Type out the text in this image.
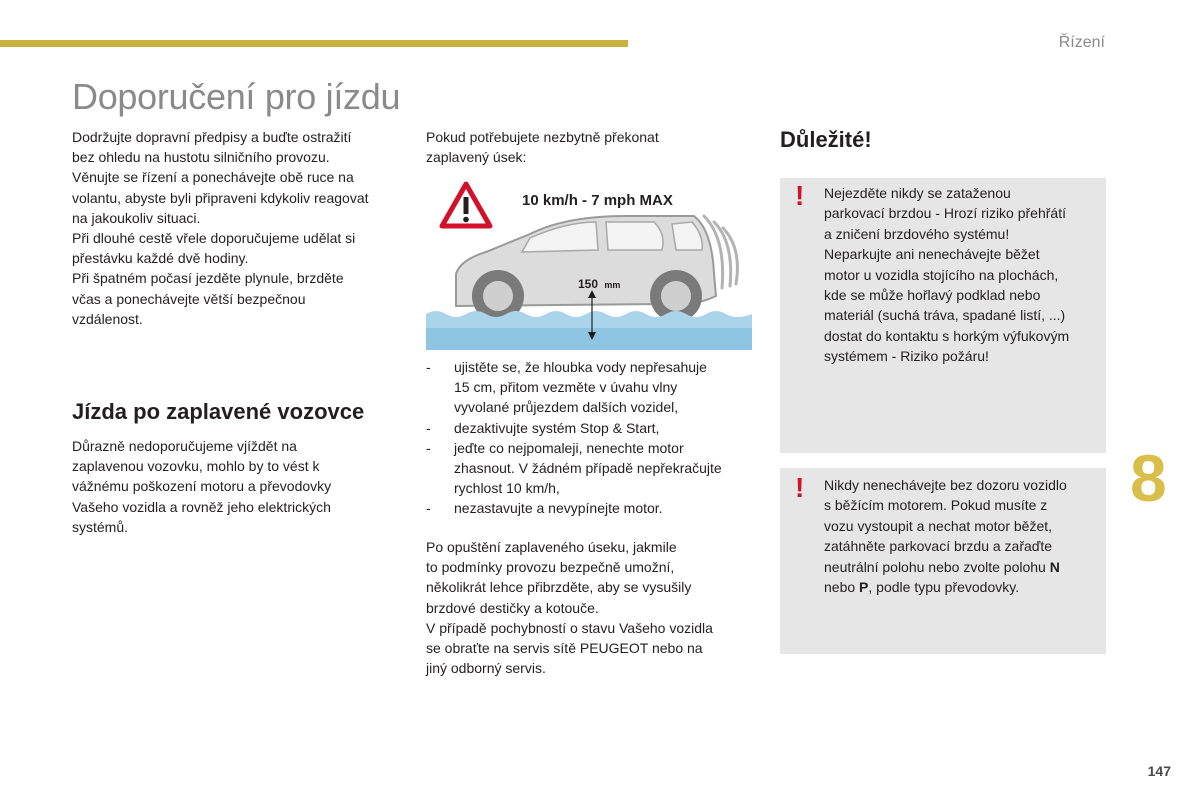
Řízení
Doporučení pro jízdu

Dodržujte dopravní předpisy a buďte ostražití

bez ohledu na hustotu silničního provozu.

Věnujte se řízení a ponechávejte obě ruce na

volantu, abyste byli připraveni kdykoliv reagovat

na jakoukoliv situaci.

Při dlouhé cestě vřele doporučujeme udělat si

přestávku každé dvě hodiny.

Při špatném počasí jezděte plynule, brzděte

včas a ponechávejte větší bezpečnou

vzdálenost.

Jízda po zaplavené vozovce

Důrazně nedoporučujeme vjíždět na

zaplavenou vozovku, mohlo by to vést k

vážnému poškození motoru a převodovky

Vašeho vozidla a rovněž jeho elektrických

systémů.

Pokud potřebujete nezbytně překonat

zaplavený úsek:

10 km/h - 7 mph MAX
150 mm
- ujistěte se, že hloubka vody nepřesahuje
15 cm, přitom vezměte v úvahu vlny
vyvolané průjezdem dalších vozidel,
- dezaktivujte systém Stop & Start,
- jeďte co nejpomaleji, nenechte motor
zhasnout. V žádném případě nepřekračujte
rychlost 10 km/h,
- nezastavujte a nevypínejte motor.

Po opuštění zaplaveného úseku, jakmile

to podmínky provozu bezpečně umožní,

několikrát lehce přibrzděte, aby se vysušily

brzdové destičky a kotouče.

V případě pochybností o stavu Vašeho vozidla

se obraťte na servis sítě PEUGEOT nebo na

jiný odborný servis.

Důležité!
! Nejezděte nikdy se zataženou
parkovací brzdou - Hrozí riziko přehřátí
a zničení brzdového systému!
Neparkujte ani nenechávejte běžet
motor u vozidla stojícího na plochách,
kde se může hořlavý podklad nebo
materiál (suchá tráva, spadané listí, ...)
dostat do kontaktu s horkým výfukovým
systémem - Riziko požáru!
! Nikdy nenechávejte bez dozoru vozidlo
s běžícím motorem. Pokud musíte z
vozu vystoupit a nechat motor běžet,
zatáhněte parkovací brzdu a zařaďte
neutrální polohu nebo zvolte polohu N
nebo P, podle typu převodovky.
8
147
